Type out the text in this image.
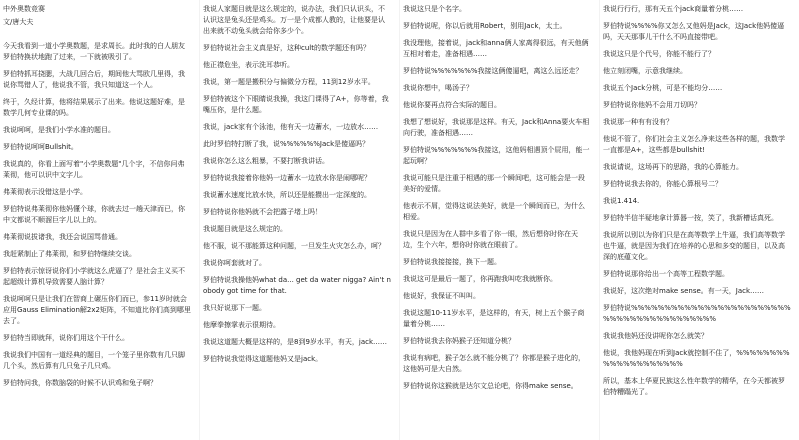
中外奥数竞赛
文/唐大夫
今天我看到一道小学奥数题，是求周长。此时我的白人朋友罗伯特换状地跑了过来，一下就被吸引了。
罗伯特抓耳挠腮，大战几回合后，期间他大骂欧几里得，我说你骂错人了，他说我不管，我只知道这一个人。
终于，久经计算，他将结果展示了出来。他说这题好难，是数学几何专业课的吗。
我说呵呵，是我们小学水准的题目。
罗伯特说呵呵Bullshit。
我说真的，你看上面写着"小学奥数题"几个字，不信你问弗莱彻，他可以识中文字儿。
弗莱彻表示没错这是小学。
罗伯特说弗莱彻你他妈懂个球，你就去过一趟天津而已，你中文都说不顺溜巨字儿以上的。
弗莱彻说拔诸我，我还会说国骂普通。
我赶紧制止了弗莱彻，和罗伯特继续交谈。
罗伯特表示惊讶说你们小学就这么虎逼了？是社会主义买不起超级计算机导致需要人脑计算？
我说呵呵只是让我们在智商上碾压你们而已，参11岁时就会应用Gauss Elimination解2x2矩阵，不知道比你们高到哪里去了。
罗伯特当即就拜，说你们用这个干什么。
我说我们中国有一道经典的题目，一个笼子里你数有几只脚几个头，然后算有几只兔子几只鸡。
罗伯特问我，你数脑袋的时候不认识鸡和兔子啊？
我说人家题目就是这么规定的，说办法，我们只认识头，不认识这是兔头还是鸡头。万一是个成都人教的，让他要是认出来就不动兔头就会给你多少个。
罗伯特说社会主义真是好，这种cult的数学题还有吗？
他正襟危坐，表示洗耳恭听。
我说，第一题是搬积分与偏微分方程，11到12岁水平。
罗伯特被这个下眼睛说我操，我这门课得了A+，你等着，我嘴压你，是什么题。
我说，jack家有个泳池，他有天一边蓄水，一边放水……
此时罗伯特打断了我，说%%%%%%Jack是傻逼吗？
我说你怎么这么粗暴，不要打断我讲话。
罗伯特说我接着你他妈一边蓄水一边放水你是闹哪呢？
我说蓄水速度比放水快，所以还是能攒出一定深度的。
罗伯特说你他妈就不会把露子堵上吗！
我说题目就是这么规定的。
他不服，说不那能算这种问题，一旦发生火灾怎么办，呵？
我说你呵套就对了。
罗伯特说我操他妈what da... get da water nigga? Ain't nobody got time for that.
我只好说那下一题。
他摩拳擦掌表示很期待。
我说这道题大概是这样的，是8到9岁水平，有天，jack……
罗伯特说我觉得这道题他妈又是jack。
我说这只是个名字。
罗伯特说呢，你以后就用Robert，别用Jack，太土。
我没理他，接着说，jack和anna俩人家离得很远，有天他俩互相对着走，准备相遇……
罗伯特说%%%%%%%我接这俩傻逼吧，离这么远还走？
我说你想中，喝汤子？
他说你要再点符合实际的题目。
我想了想说好，我说那是这样。有天，Jack和Anna要火车相向行驶，准备相遇……
罗伯特说%%%%%%%我接这，这他妈相遇顶个屁用，能一起玩啊？
我说可能只是注重于相遇的那一个瞬间吧，这可能会是一段美好的爱情。
他表示不屑，觉得这说法美好，就是一个瞬间而已，为什么相爱。
我说只是因为在人群中多看了你一眼，然后想你时你在天边，生个六年，想你时你就在眼前了。
罗伯特说我接接接，换下一题。
我说这可是最后一题了，你再跑我叫吃我就断你。
他说好，我保证不叫叫。
我说这题10-11岁水平，是这样的，有天，树上五个猴子商量着分桃……
罗伯特说我去你妈猴子还知道分桃？
我说有病吧，猴子怎么就不能分桃了？你都是猴子进化的，这他妈可是大自然。
罗伯特说你这猴就是达尔文总论吧，你得make sense。
我说行行行，那有天五个jack商量着分桃……
罗伯特说%%%%你又怎么又他妈是Jack，这Jack他妈傻逼吗，天天那事儿干什么不吗直接带吧。
我说这只是个代号，你能不能行了？
他立刻闭嘴，示意我继续。
我说五个Jack分桃，可是不能均分……
罗伯特说你他妈不会用刀切吗？
我说那一种有有没有？
他说不管了，你们社会主义怎么净来这些各样的题，我数学一直都是A+，这些都是bullshit!
我说请说，这场再下的思路，我的心算能力。
罗伯特说我去你的，你能心算根号二？
我说1.414.
罗伯特半信半疑地拿计算器一按，笑了，我新槽话真死。
我说所以别以为你们只是在高等数学上牛逼，我们高等数学也牛逼，就是因为我们在培养的心思和多变的题目，以及高深的底蕴文化。
罗伯特说那你给出一个高等工程数学题。
我说好，这次绝对make sense。有一天，Jack……
罗伯特说%%%%%%%%%%%%%%%%%%%%%%%%%%%%%%%%%%%%%%%%%
我说我他妈还没讲呢你怎么就笑？
他说，我他妈现在听到Jack就控制不住了，%%%%%%%%%%%%%%%%%%%%
所以，基本上华夏民族这么性年数学的精华，在今天都被罗伯特糟蹋光了。
